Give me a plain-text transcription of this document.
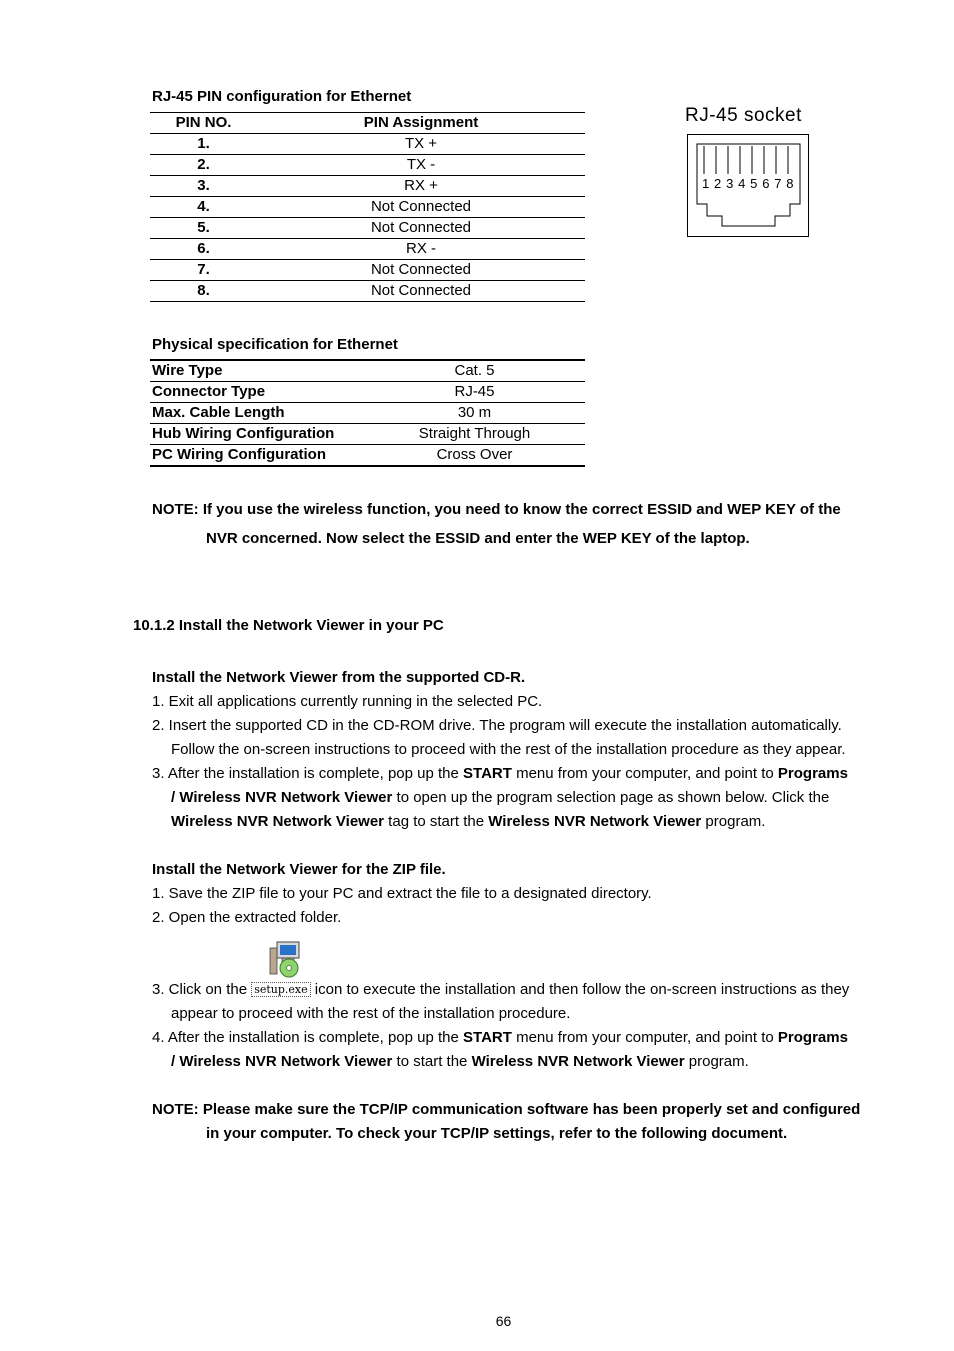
RJ-45 PIN configuration for Ethernet
PIN NO.	PIN Assignment
1.	TX +
2.	TX -
3.	RX +
4.	Not Connected
5.	Not Connected
6.	RX -
7.	Not Connected
8.	Not Connected
RJ-45 socket
1 2 3 4 5 6 7 8
Physical specification for Ethernet
Wire Type	Cat. 5
Connector Type	RJ-45
Max. Cable Length	30 m
Hub Wiring Configuration	Straight Through
PC Wiring Configuration	Cross Over
NOTE: If you use the wireless function, you need to know the correct ESSID and WEP KEY of the
NVR concerned. Now select the ESSID and enter the WEP KEY of the laptop.
10.1.2 Install the Network Viewer in your PC
Install the Network Viewer from the supported CD-R.
1. Exit all applications currently running in the selected PC.
2. Insert the supported CD in the CD-ROM drive. The program will execute the installation automatically.
Follow the on-screen instructions to proceed with the rest of the installation procedure as they appear.
3. After the installation is complete, pop up the START menu from your computer, and point to Programs
/ Wireless NVR Network Viewer to open up the program selection page as shown below. Click the
Wireless NVR Network Viewer tag to start the Wireless NVR Network Viewer program.
Install the Network Viewer for the ZIP file.
1. Save the ZIP file to your PC and extract the file to a designated directory.
2. Open the extracted folder.
3. Click on the setup.exe icon to execute the installation and then follow the on-screen instructions as they
appear to proceed with the rest of the installation procedure.
4. After the installation is complete, pop up the START menu from your computer, and point to Programs
/ Wireless NVR Network Viewer to start the Wireless NVR Network Viewer program.
NOTE: Please make sure the TCP/IP communication software has been properly set and configured
in your computer. To check your TCP/IP settings, refer to the following document.
66
